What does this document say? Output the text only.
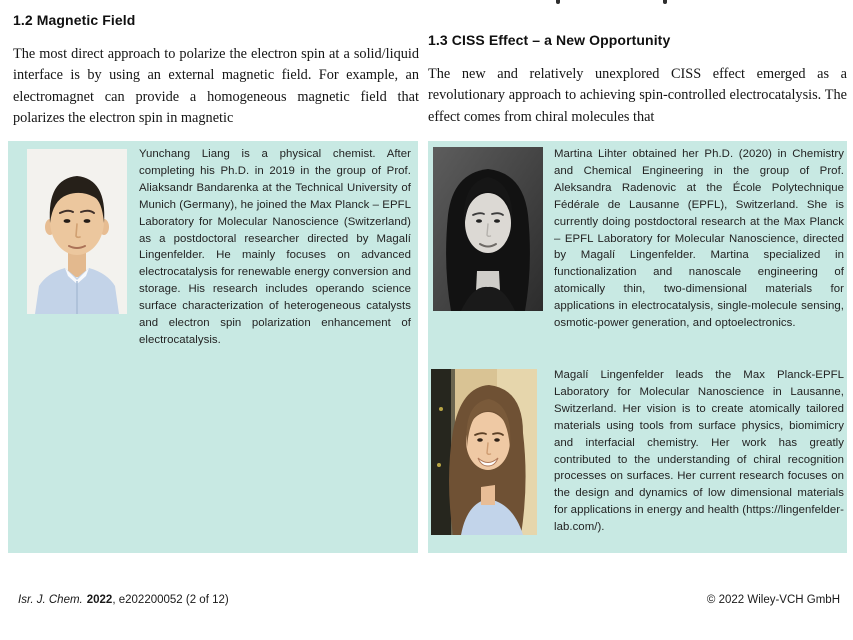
1.2 Magnetic Field

The most direct approach to polarize the electron spin at a solid/liquid interface is by using an external magnetic field. For example, an electromagnet can provide a homogeneous magnetic field that polarizes the electron spin in magnetic

1.3 CISS Effect – a New Opportunity

The new and relatively unexplored CISS effect emerged as a revolutionary approach to achieving spin-controlled electrocatalysis. The effect comes from chiral molecules that

Yunchang Liang is a physical chemist. After completing his Ph.D. in 2019 in the group of Prof. Aliaksandr Bandarenka at the Technical University of Munich (Germany), he joined the Max Planck – EPFL Laboratory for Molecular Nanoscience (Switzerland) as a postdoctoral researcher directed by Magalí Lingenfelder. He mainly focuses on advanced electrocatalysis for renewable energy conversion and storage. His research includes operando science surface characterization of heterogeneous catalysts and electron spin polarization enhancement of electrocatalysis.

Martina Lihter obtained her Ph.D. (2020) in Chemistry and Chemical Engineering in the group of Prof. Aleksandra Radenovic at the École Polytechnique Fédérale de Lausanne (EPFL), Switzerland. She is currently doing postdoctoral research at the Max Planck – EPFL Laboratory for Molecular Nanoscience, directed by Magalí Lingenfelder. Martina specialized in functionalization and nanoscale engineering of atomically thin, two-dimensional materials for applications in electrocatalysis, single-molecule sensing, osmotic-power generation, and optoelectronics.

Magalí Lingenfelder leads the Max Planck-EPFL Laboratory for Molecular Nanoscience in Lausanne, Switzerland. Her vision is to create atomically tailored materials using tools from surface physics, biomimicry and interfacial chemistry. Her work has greatly contributed to the understanding of chiral recognition processes on surfaces. Her current research focuses on the design and dynamics of low dimensional materials for applications in energy and health (https://lingenfelder-lab.com/).

Isr. J. Chem. 2022, e202200052 (2 of 12)	© 2022 Wiley-VCH GmbH
